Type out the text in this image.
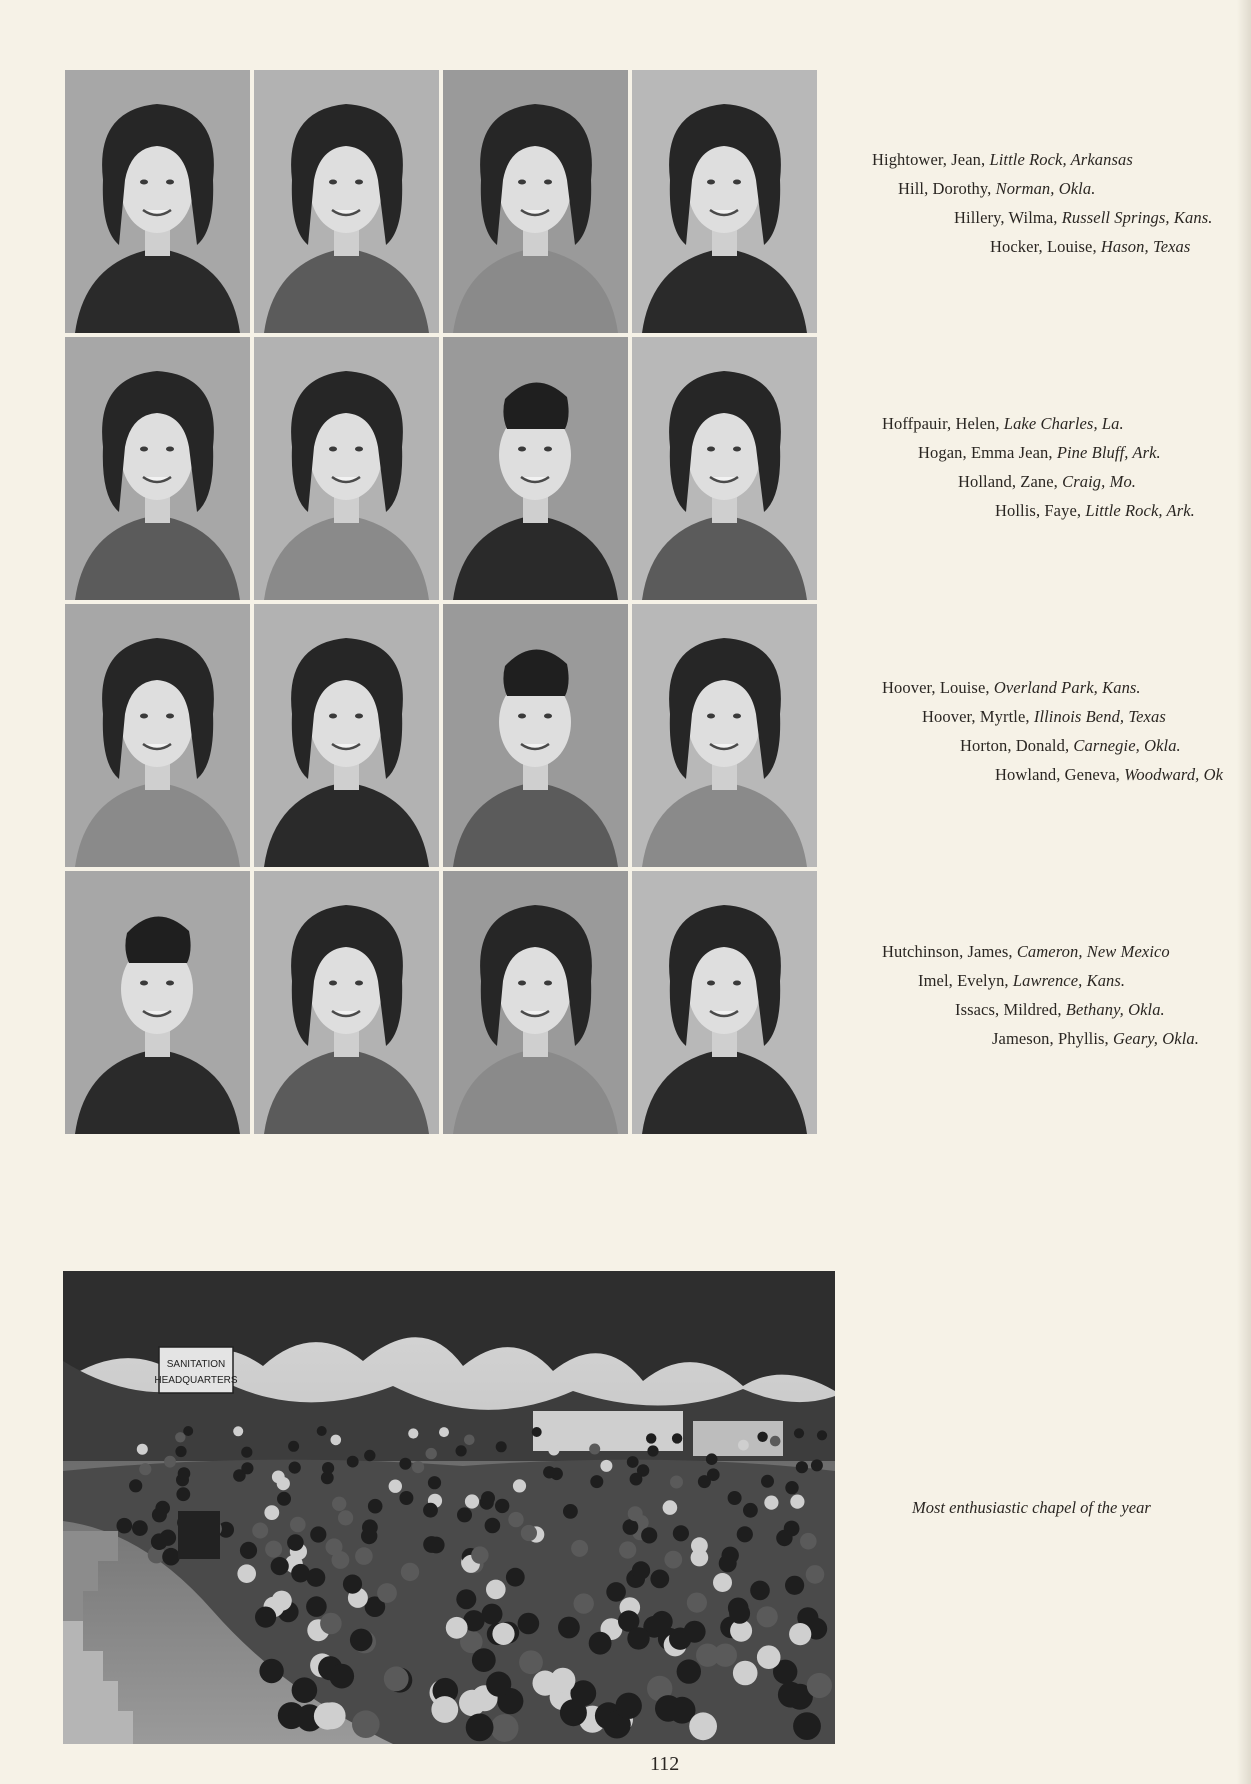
Hightower, Jean, Little Rock, Arkansas
Hill, Dorothy, Norman, Okla.
Hillery, Wilma, Russell Springs, Kans.
Hocker, Louise, Hason, Texas
Hoffpauir, Helen, Lake Charles, La.
Hogan, Emma Jean, Pine Bluff, Ark.
Holland, Zane, Craig, Mo.
Hollis, Faye, Little Rock, Ark.
Hoover, Louise, Overland Park, Kans.
Hoover, Myrtle, Illinois Bend, Texas
Horton, Donald, Carnegie, Okla.
Howland, Geneva, Woodward, Ok
Hutchinson, James, Cameron, New Mexico
Imel, Evelyn, Lawrence, Kans.
Issacs, Mildred, Bethany, Okla.
Jameson, Phyllis, Geary, Okla.
SANITATION HEADQUARTERS
Most enthusiastic chapel of the year
112
